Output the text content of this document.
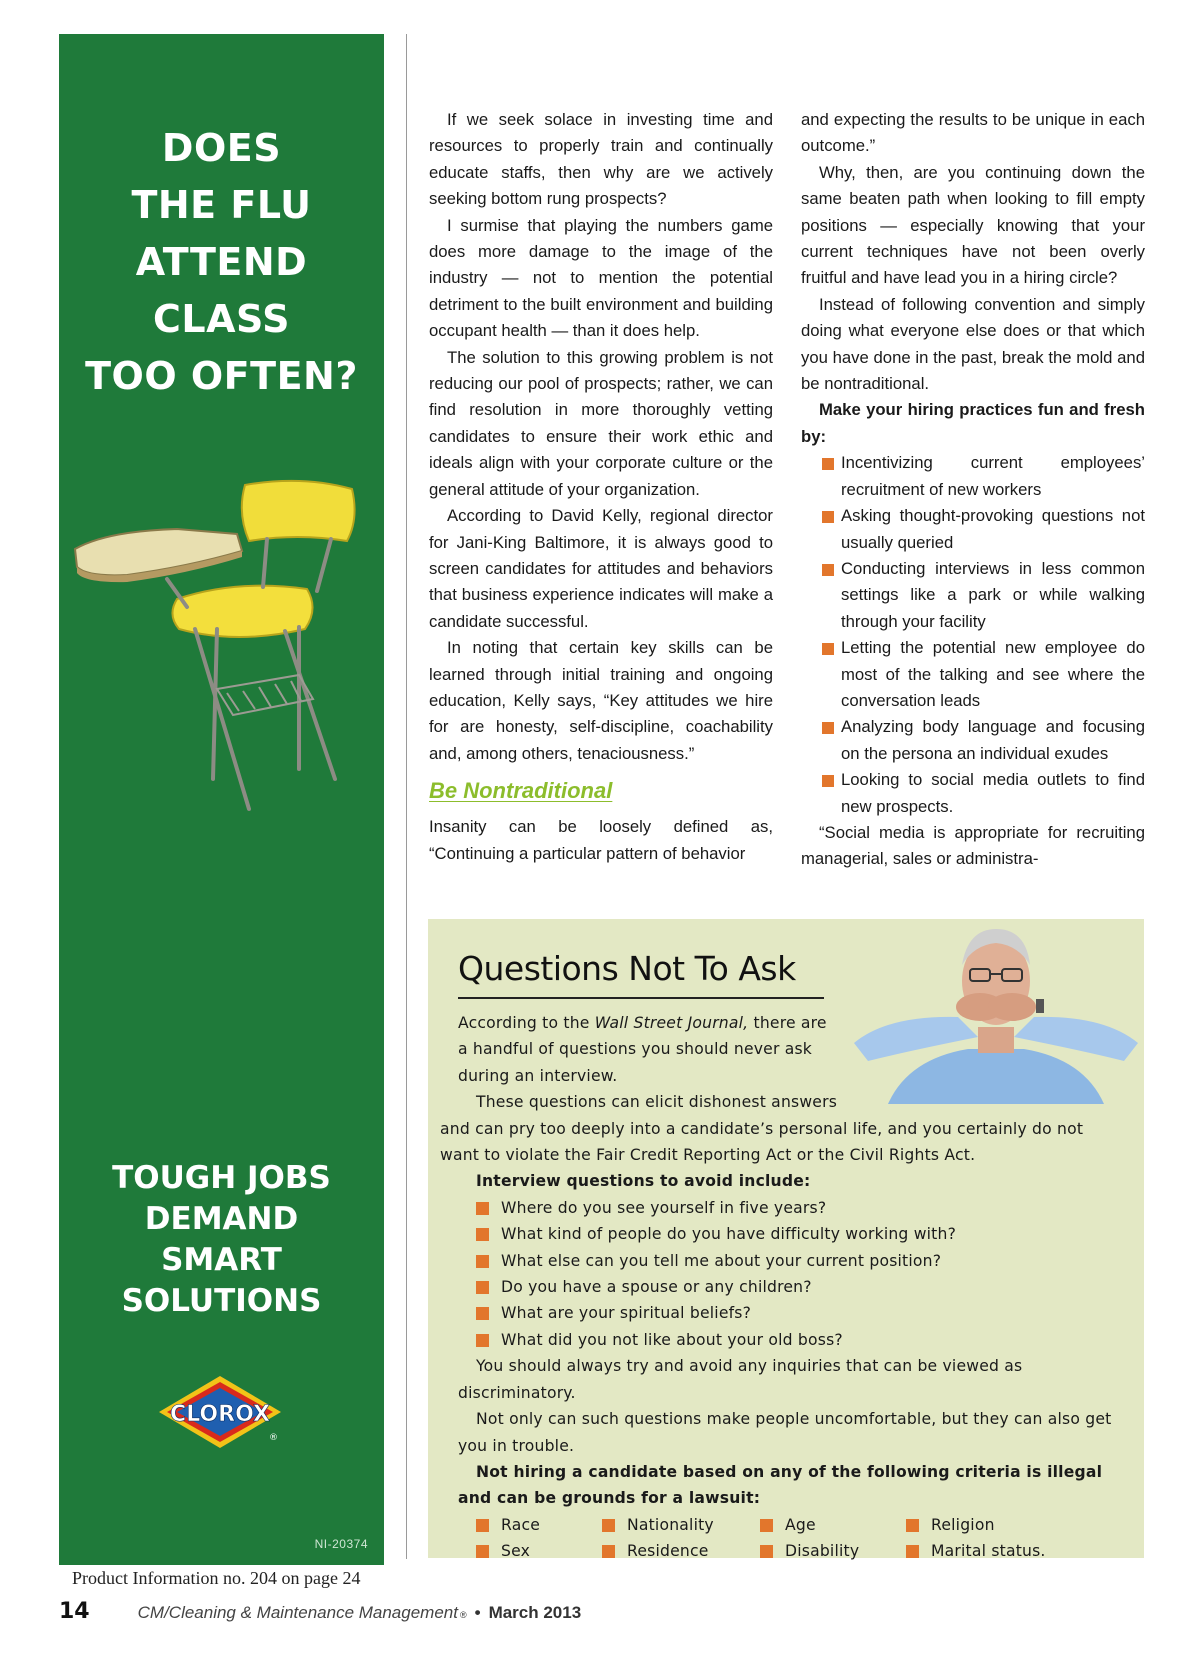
DOES
THE FLU
ATTEND
CLASS
TOO OFTEN?
TOUGH JOBS
DEMAND
SMART
SOLUTIONS
CLOROX
®
NI-20374

If we seek solace in investing time and resources to properly train and continually educate staffs, then why are we actively seeking bottom rung prospects?

I surmise that playing the numbers game does more damage to the image of the industry — not to mention the potential detriment to the built environment and building occupant health — than it does help.

The solution to this growing problem is not reducing our pool of prospects; rather, we can find resolution in more thoroughly vetting candidates to ensure their work ethic and ideals align with your corporate culture or the general attitude of your organization.

According to David Kelly, regional director for Jani-King Baltimore, it is always good to screen candidates for attitudes and behaviors that business experience indicates will make a candidate successful.

In noting that certain key skills can be learned through initial training and ongoing education, Kelly says, “Key attitudes we hire for are honesty, self-discipline, coachability and, among others, tenaciousness.”

Be Nontraditional

Insanity can be loosely defined as, “Continuing a particular pattern of behavior

and expecting the results to be unique in each outcome.”

Why, then, are you continuing down the same beaten path when looking to fill empty positions — especially knowing that your current techniques have not been overly fruitful and have lead you in a hiring circle?

Instead of following convention and simply doing what everyone else does or that which you have done in the past, break the mold and be nontraditional.

Make your hiring practices fun and fresh by:

Incentivizing current employees’ recruitment of new workers
Asking thought-provoking questions not usually queried
Conducting interviews in less common settings like a park or while walking through your facility
Letting the potential new employee do most of the talking and see where the conversation leads
Analyzing body language and focusing on the persona an individual exudes
Looking to social media outlets to find new prospects.

“Social media is appropriate for recruiting managerial, sales or administra-

Questions Not To Ask

According to the Wall Street Journal, there are a handful of questions you should never ask during an interview.

These questions can elicit dishonest answers
and can pry too deeply into a candidate’s personal life, and you certainly do not want to violate the Fair Credit Reporting Act or the Civil Rights Act.

Interview questions to avoid include:

Where do you see yourself in five years?
What kind of people do you have difficulty working with?
What else can you tell me about your current position?
Do you have a spouse or any children?
What are your spiritual beliefs?
What did you not like about your old boss?

You should always try and avoid any inquiries that can be viewed as discriminatory.

Not only can such questions make people uncomfortable, but they can also get you in trouble.

Not hiring a candidate based on any of the following criteria is illegal and can be grounds for a lawsuit:

Race	Nationality	Age	Religion
Sex	Residence	Disability	Marital status.
Product Information no. 204 on page 24
14	CM/Cleaning & Maintenance Management ® • March 2013
